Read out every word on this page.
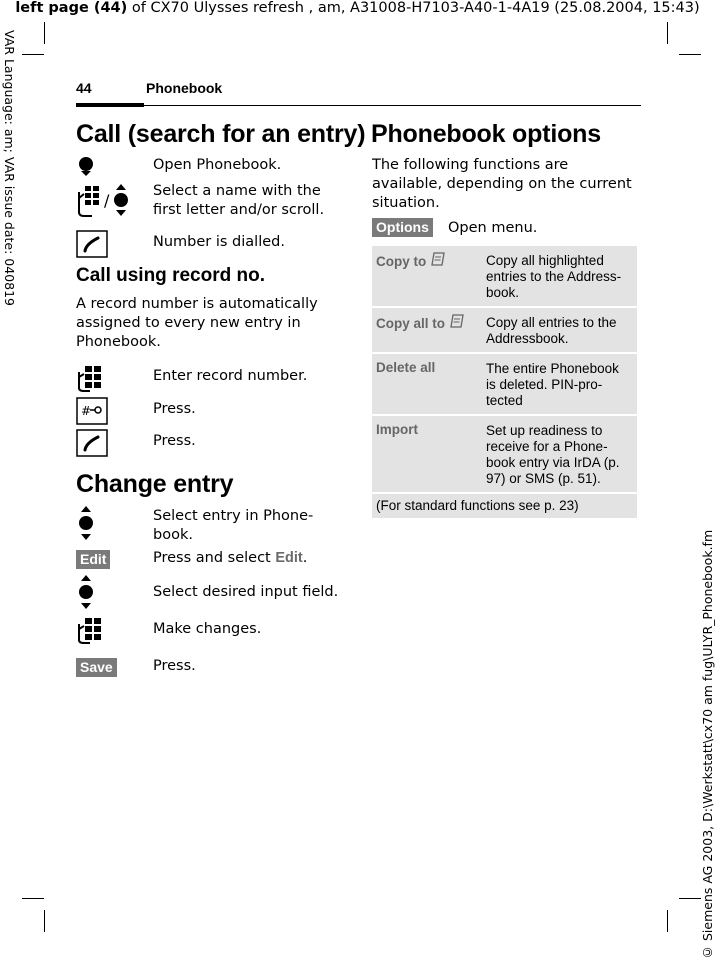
left page (44) of CX70 Ulysses refresh , am, A31008-H7103-A40-1-4A19 (25.08.2004, 15:43)
VAR Language: am; VAR issue date: 040819
© Siemens AG 2003, D:\Werkstatt\cx70 am fug\ULYR_Phonebook.fm
44	Phonebook
Call (search for an entry)
Open Phonebook.
/	Select a name with the first letter and/or scroll.
Number is dialled.
Call using record no.
A record number is automatically assigned to every new entry in Phonebook.
Enter record number.
#	Press.
Press.
Change entry
Select entry in Phone-book.
Edit	Press and select Edit.
Select desired input field.
Make changes.
Save	Press.
Phonebook options
The following functions are available, depending on the current situation.
Options Open menu.
Copy to	Copy all highlighted entries to the Address-book.
Copy all to	Copy all entries to the Addressbook.
Delete all	The entire Phonebook is deleted. PIN-pro-tected
Import	Set up readiness to receive for a Phone-book entry via IrDA (p. 97) or SMS (p. 51).
(For standard functions see p. 23)
